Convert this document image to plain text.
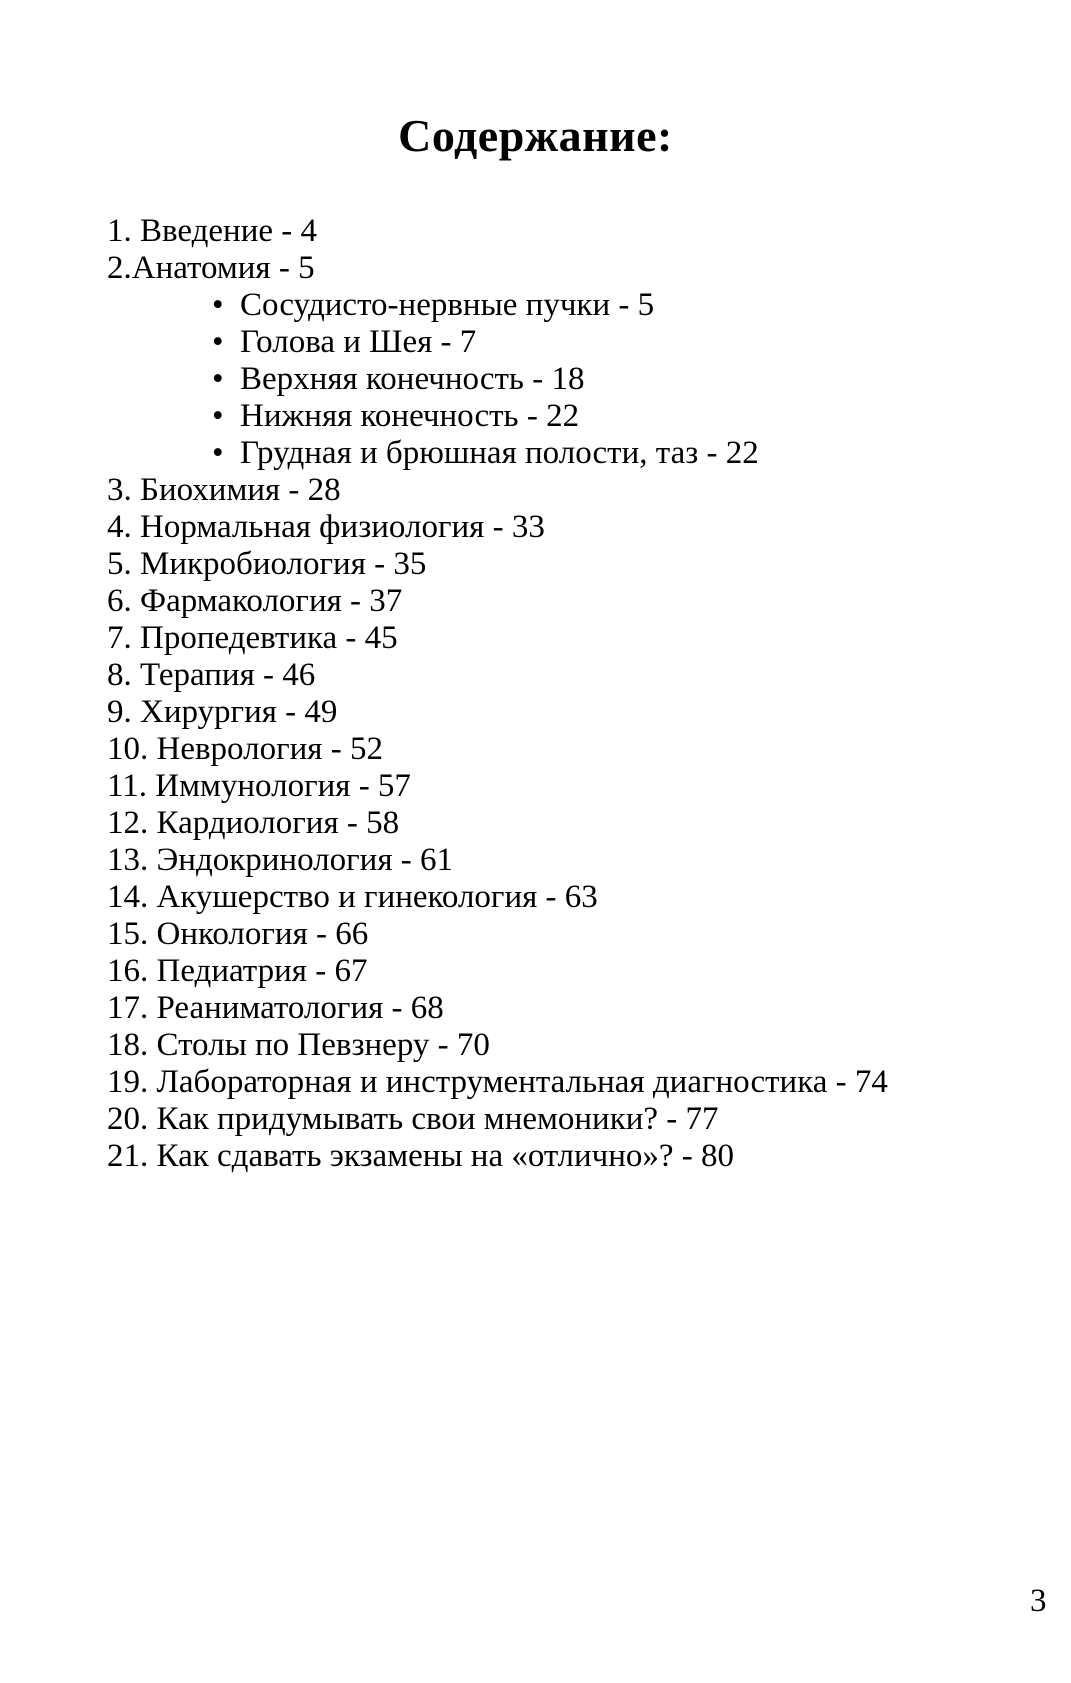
Содержание:
1. Введение - 4
2.Анатомия - 5
• Сосудисто-нервные пучки - 5
• Голова и Шея - 7
• Верхняя конечность - 18
• Нижняя конечность - 22
• Грудная и брюшная полости, таз - 22
3. Биохимия - 28
4. Нормальная физиология - 33
5. Микробиология - 35
6. Фармакология - 37
7. Пропедевтика - 45
8. Терапия - 46
9. Хирургия - 49
10. Неврология - 52
11. Иммунология - 57
12. Кардиология - 58
13. Эндокринология - 61
14. Акушерство и гинекология - 63
15. Онкология - 66
16. Педиатрия - 67
17. Реаниматология - 68
18. Столы по Певзнеру - 70
19. Лабораторная и инструментальная диагностика - 74
20. Как придумывать свои мнемоники? - 77
21. Как сдавать экзамены на «отлично»? - 80
3
